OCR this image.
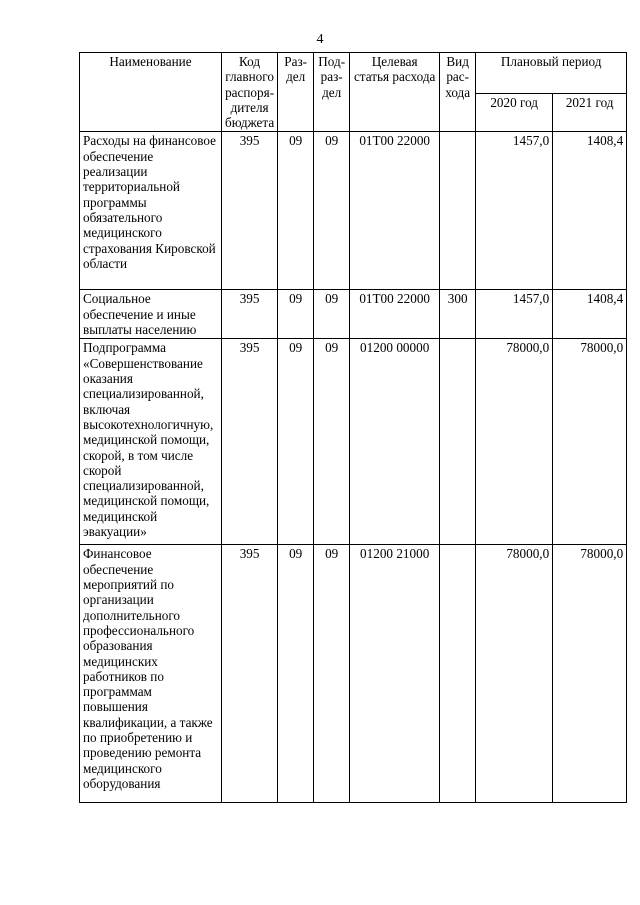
4
Наименование	Код главного распоря- дителя бюджета	Раз- дел	Под- раз- дел	Целевая статья расхода	Вид рас- хода	Плановый период	
						2020 год	2021 год
Расходы на финансовое обеспечение реализации территориальной программы обязательного медицинского страхования Кировской области	395	09	09	01Т00 22000		1457,0	1408,4
Социальное обеспечение и иные выплаты населению	395	09	09	01Т00 22000	300	1457,0	1408,4
Подпрограмма «Совершенствование оказания специализированной, включая высокотехнологичную, медицинской помощи, скорой, в том числе скорой специализированной, медицинской помощи, медицинской эвакуации»	395	09	09	01200 00000		78000,0	78000,0
Финансовое обеспечение мероприятий по организации дополнительного профессионального образования медицинских работников по программам повышения квалификации, а также по приобретению и проведению ремонта медицинского оборудования	395	09	09	01200 21000		78000,0	78000,0
